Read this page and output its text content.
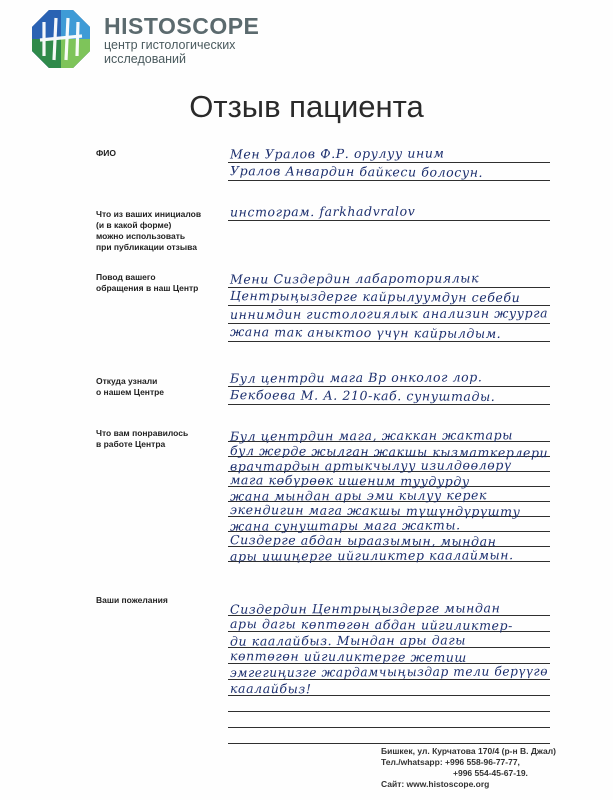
HISTOSCOPE
центр гистологических
исследований
Отзыв пациента
Бишкек, ул. Курчатова 170/4 (р-н В. Джал)
Тел./whatsapp: +996 558-96-77-77,
+996 554-45-67-19.
Сайт: www.histoscope.org
ФИО	Мен Уралов Ф.Р. орулуу иним
Уралов Анвардин байкеси болосун.
Что из ваших инициалов
(и в какой форме)
можно использовать
при публикации отзыва
инстограм. farkhadvralov
Повод вашего
обращения в наш Центр
Мени Сиздердин лабароториялык
Центрыңыздерге кайрылуумдун себеби
иннимдин гистологиялык анализин жуурга
жана так аныктоо үчүн кайрылдым.
Откуда узнали
о нашем Центре
Бул центрди мага Вр онколог лор.
Бекбоева М. А. 210-каб. сунуштады.
Что вам понравилось
в работе Центра
Бул центрдин мага, жаккан жактары
бул жерде жылган жакшы кызматкерлери
врачтардын артыкчылуу изилдөөлөрү
мага көбүрөөк ишеним туудурду
жана мындан ары эми кылуу керек
экендигин мага жакшы түшүндүрүшту
жана сунуштары мага жакты.
Сиздерге абдан ыраазымын, мындан
ары ишиңерге ийгиликтер каалаймын.
Ваши пожелания
Сиздердин Центрыңыздерге мындан
ары дагы көптөгөн абдан ийгиликтер-
ди каалайбыз. Мындан ары дагы
көптөгөн ийгиликтерге жетиш
эмгегиңизге жардамчыңыздар тели берүүгө
каалайбыз!
